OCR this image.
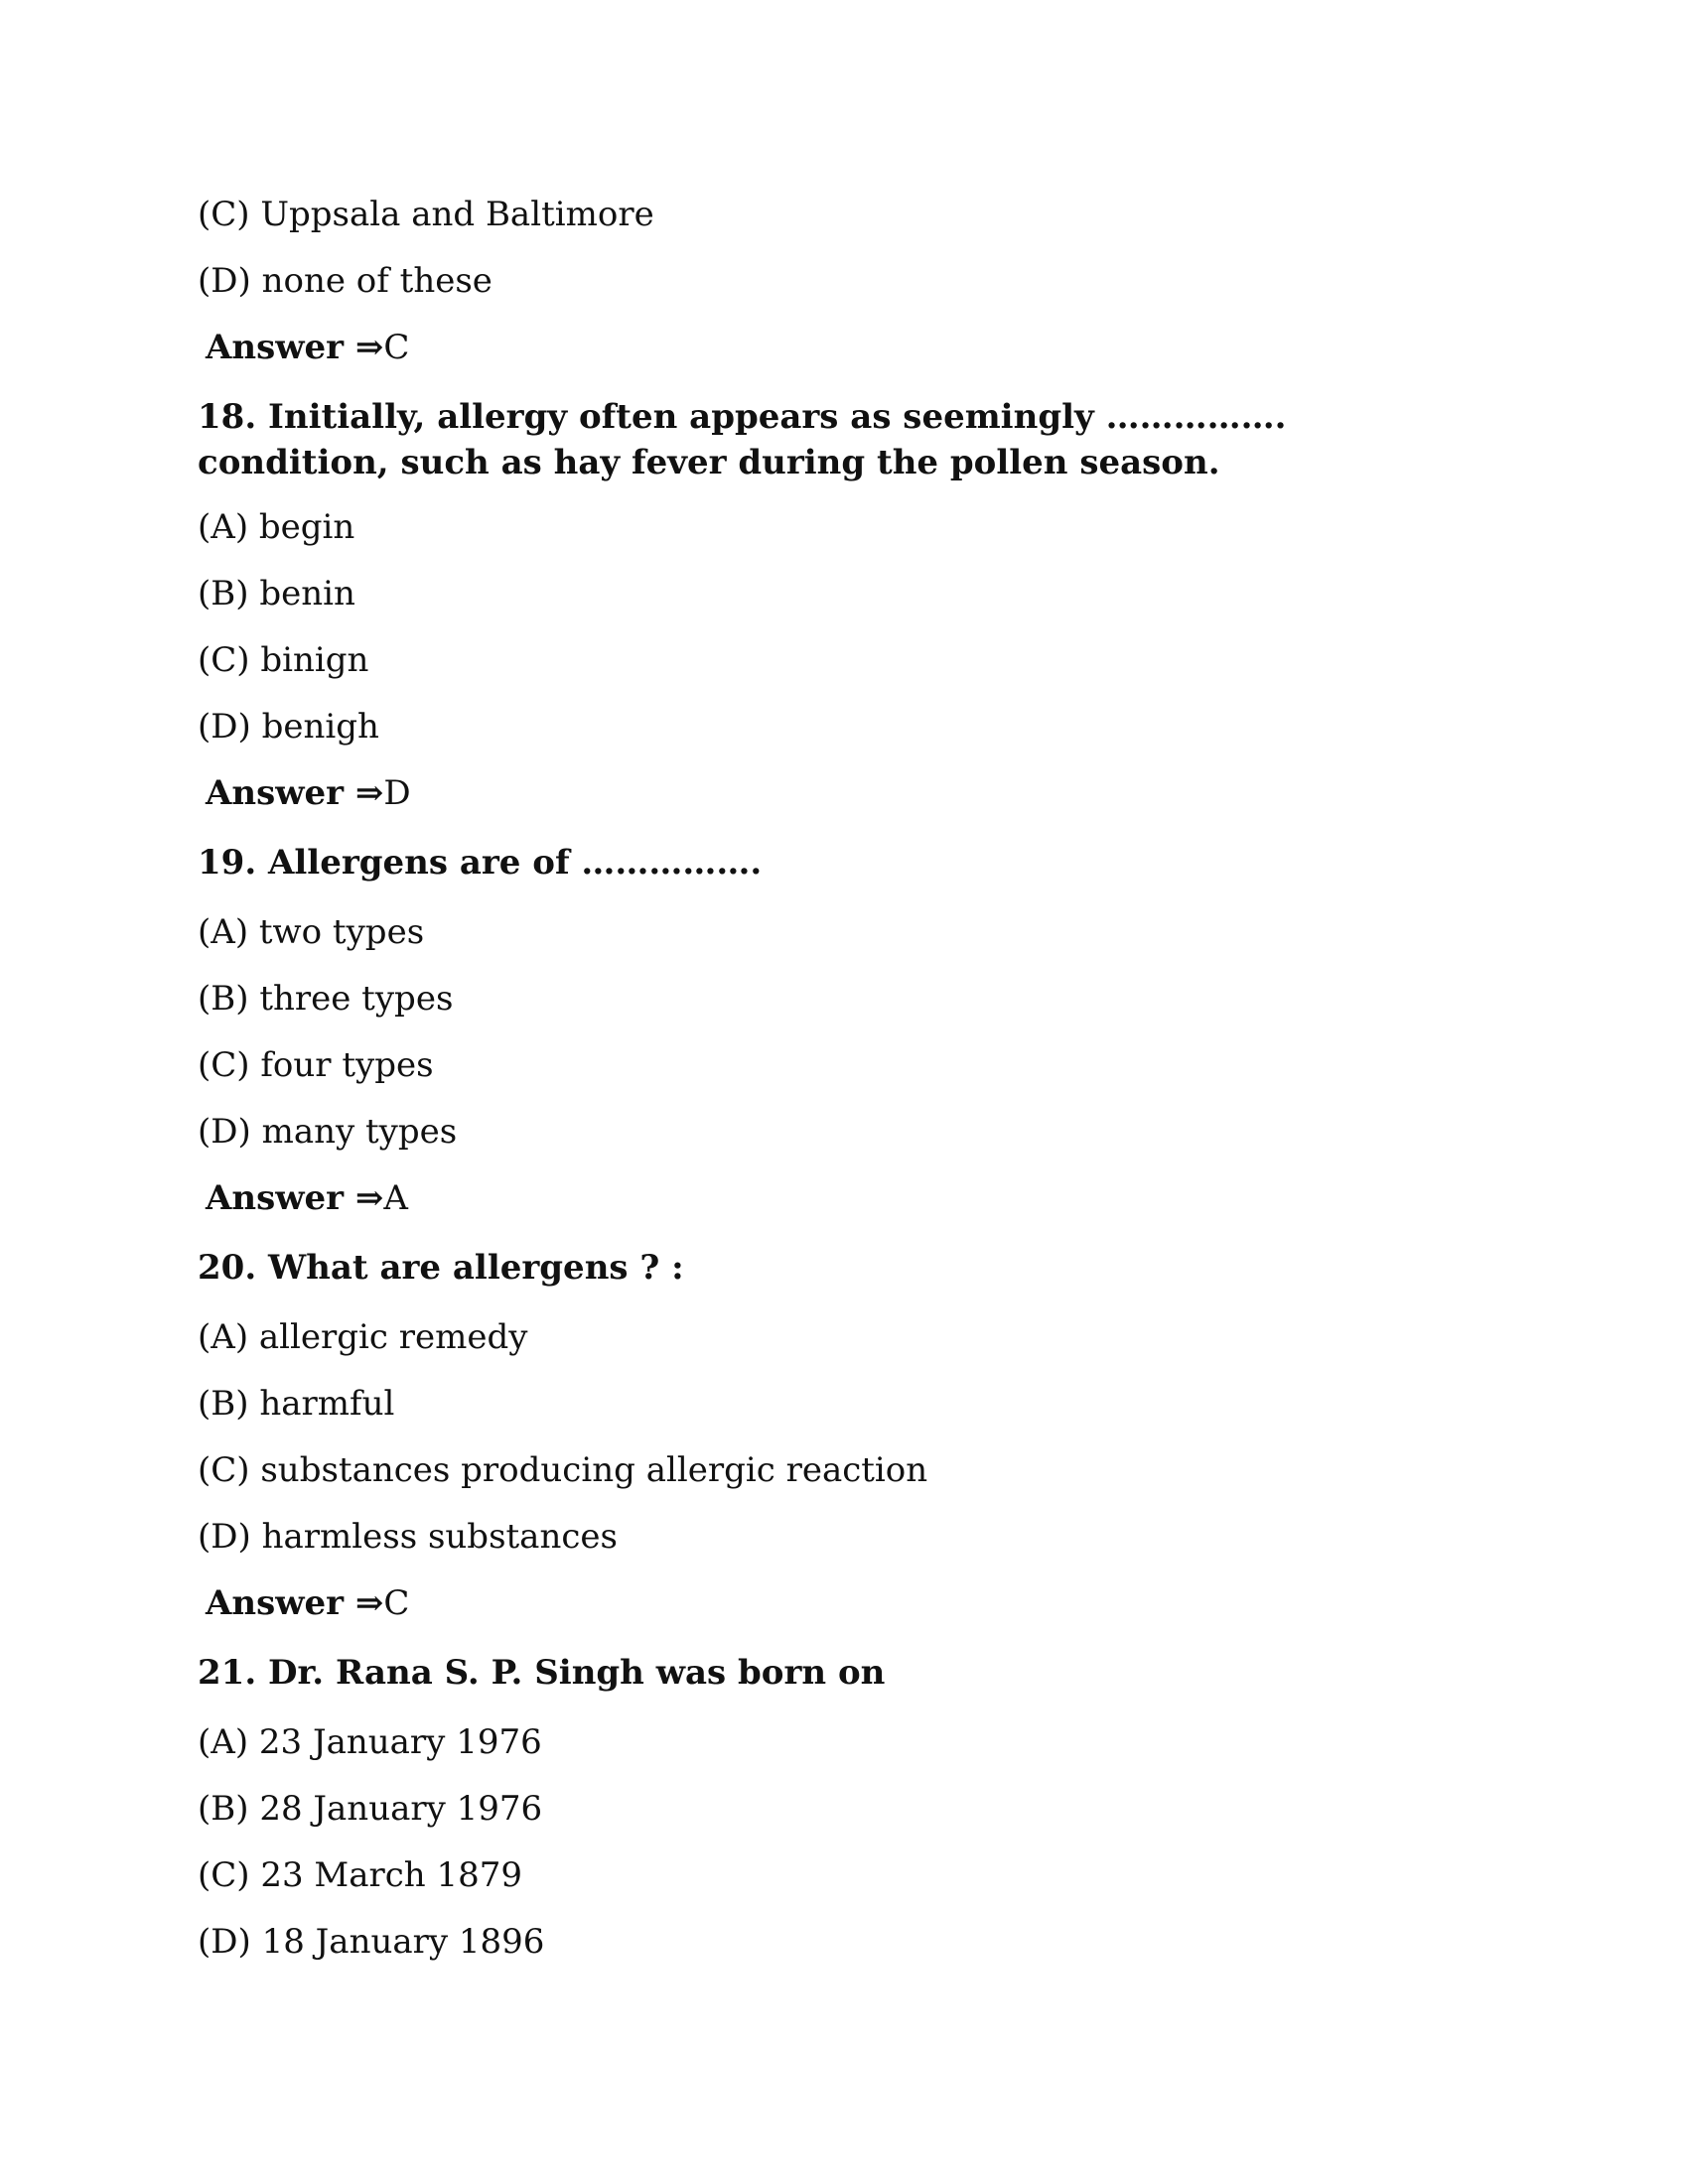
(C) Uppsala and Baltimore

(D) none of these

Answer ⇒C

18. Initially, allergy often appears as seemingly ……………. condition, such as hay fever during the pollen season.

(A) begin

(B) benin

(C) binign

(D) benigh

Answer ⇒D

19. Allergens are of …………….

(A) two types

(B) three types

(C) four types

(D) many types

Answer ⇒A

20. What are allergens ? :

(A) allergic remedy

(B) harmful

(C) substances producing allergic reaction

(D) harmless substances

Answer ⇒C

21. Dr. Rana S. P. Singh was born on

(A) 23 January 1976

(B) 28 January 1976

(C) 23 March 1879

(D) 18 January 1896
